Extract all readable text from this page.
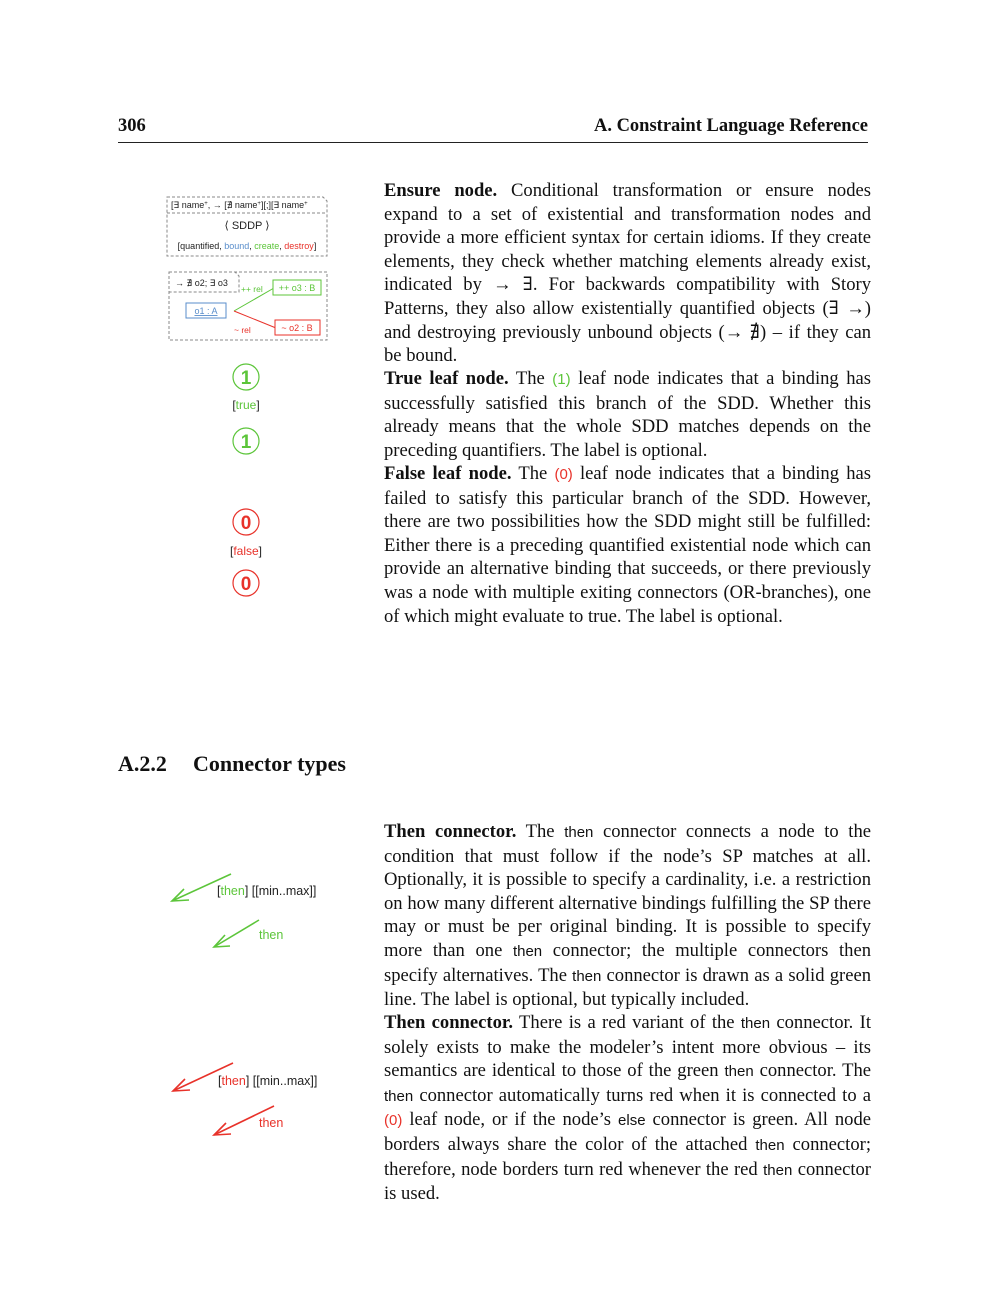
306	A. Constraint Language Reference
[∃ name+, → [∄ name+][;][∃ name+
⟨ SDDP ⟩
[quantified, bound, create, destroy]
→ ∄ o2; ∃ o3
o1 : A
++ o3 : B
++ rel
~ o2 : B
~ rel
1
[true]
1
0
[false]
0

Ensure node. Conditional transformation or ensure nodes expand to a set of existential and transformation nodes and provide a more efficient syntax for certain idioms. If they create elements, they check whether matching elements already exist, indicated by → ∃. For backwards compatibility with Story Patterns, they also allow existentially quantified objects (∃ →) and destroying previously unbound objects (→ ∄) – if they can be bound.

True leaf node. The (1) leaf node indicates that a binding has successfully satisfied this branch of the SDD. Whether this already means that the whole SDD matches depends on the preceding quantifiers. The label is optional.

False leaf node. The (0) leaf node indicates that a binding has failed to satisfy this particular branch of the SDD. However, there are two possibilities how the SDD might still be fulfilled: Either there is a preceding quantified existential node which can provide an alternative binding that succeeds, or there previously was a node with multiple exiting connectors (OR-branches), one of which might evaluate to true. The label is optional.

A.2.2 Connector types
[then] [[min..max]]
then
[then] [[min..max]]
then

Then connector. The then connector connects a node to the condition that must follow if the node’s SP matches at all. Optionally, it is possible to specify a cardinality, i.e. a restriction on how many different alternative bindings fulfilling the SP there may or must be per original binding. It is possible to specify more than one then connector; the multiple connectors then specify alternatives. The then connector is drawn as a solid green line. The label is optional, but typically included.

Then connector. There is a red variant of the then connector. It solely exists to make the modeler’s intent more obvious – its semantics are identical to those of the green then connector. The then connector automatically turns red when it is connected to a (0) leaf node, or if the node’s else connector is green. All node borders always share the color of the attached then connector; therefore, node borders turn red whenever the red then connector is used.
